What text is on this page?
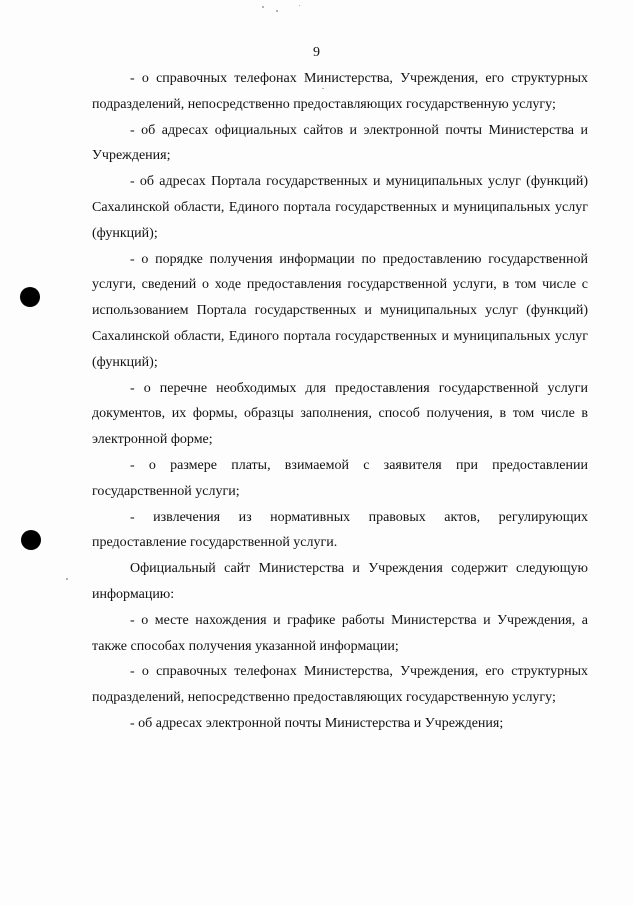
9

- о справочных телефонах Министерства, Учреждения, его структурных подразделений, непосредственно предоставляющих государственную услугу;

- об адресах официальных сайтов и электронной почты Министерства и Учреждения;

- об адресах Портала государственных и муниципальных услуг (функций) Сахалинской области, Единого портала государственных и муниципальных услуг (функций);

- о порядке получения информации по предоставлению государственной услуги, сведений о ходе предоставления государственной услуги, в том числе с использованием Портала государственных и муниципальных услуг (функций) Сахалинской области, Единого портала государственных и муниципальных услуг (функций);

- о перечне необходимых для предоставления государственной услуги документов, их формы, образцы заполнения, способ получения, в том числе в электронной форме;

- о размере платы, взимаемой с заявителя при предоставлении государственной услуги;

- извлечения из нормативных правовых актов, регулирующих предоставление государственной услуги.

Официальный сайт Министерства и Учреждения содержит следующую информацию:

- о месте нахождения и графике работы Министерства и Учреждения, а также способах получения указанной информации;

- о справочных телефонах Министерства, Учреждения, его структурных подразделений, непосредственно предоставляющих государственную услугу;

- об адресах электронной почты Министерства и Учреждения;
